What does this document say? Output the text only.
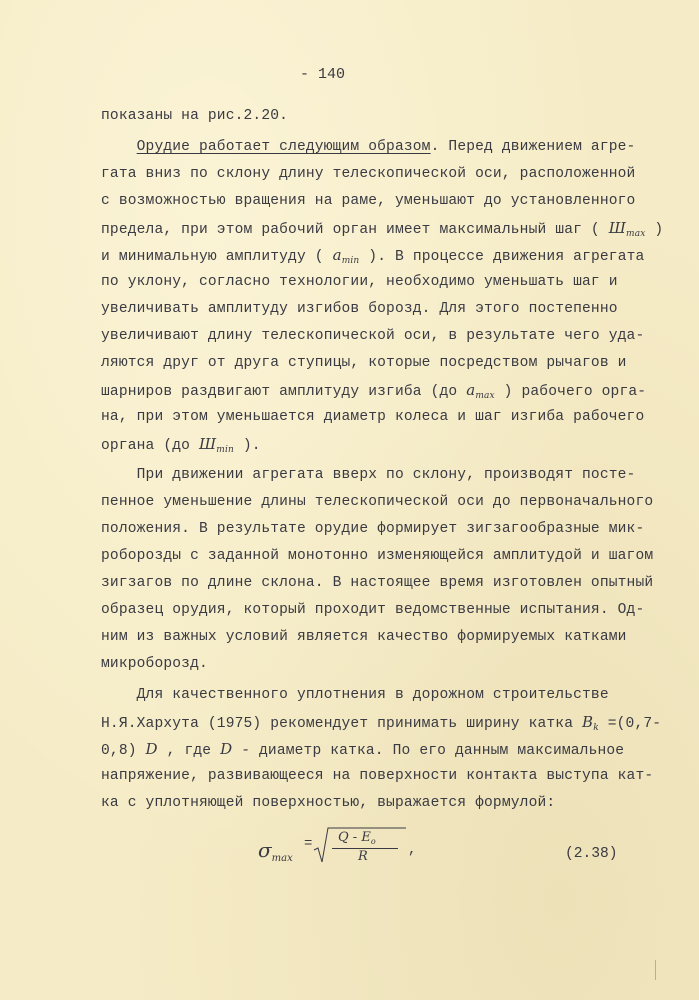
- 140
показаны на рис.2.20.
Орудие работает следующим образом. Перед движением агре-
гата вниз по склону длину телескопической оси, расположенной
с возможностью вращения на раме, уменьшают до установленного
предела, при этом рабочий орган имеет максимальный шаг ( $Ш_{max}$ )
и минимальную амплитуду ( $a_{min}$ ). В процессе движения агрегата
по уклону, согласно технологии, необходимо уменьшать шаг и
увеличивать амплитуду изгибов борозд. Для этого постепенно
увеличивают длину телескопической оси, в результате чего уда-
ляются друг от друга ступицы, которые посредством рычагов и
шарниров раздвигают амплитуду изгиба (до $a_{max}$ ) рабочего орга-
на, при этом уменьшается диаметр колеса и шаг изгиба рабочего
органа (до $Ш_{min}$ ).
При движении агрегата вверх по склону, производят посте-
пенное уменьшение длины телескопической оси до первоначального
положения. В результате орудие формирует зигзагообразные мик-
роборозды с заданной монотонно изменяющейся амплитудой и шагом
зигзагов по длине склона. В настоящее время изготовлен опытный
образец орудия, который проходит ведомственные испытания. Од-
ним из важных условий является качество формируемых катками
микроборозд.
Для качественного уплотнения в дорожном строительстве
Н.Я.Хархута (1975) рекомендует принимать ширину катка $B_k =(0,7-$
0,8) D , где D - диаметр катка. По его данным максимальное
напряжение, развивающееся на поверхности контакта выступа кат-
ка с уплотняющей поверхностью, выражается формулой:
$\sigma_{max}$
= Q - $E_o$
R	,	(2.38)
